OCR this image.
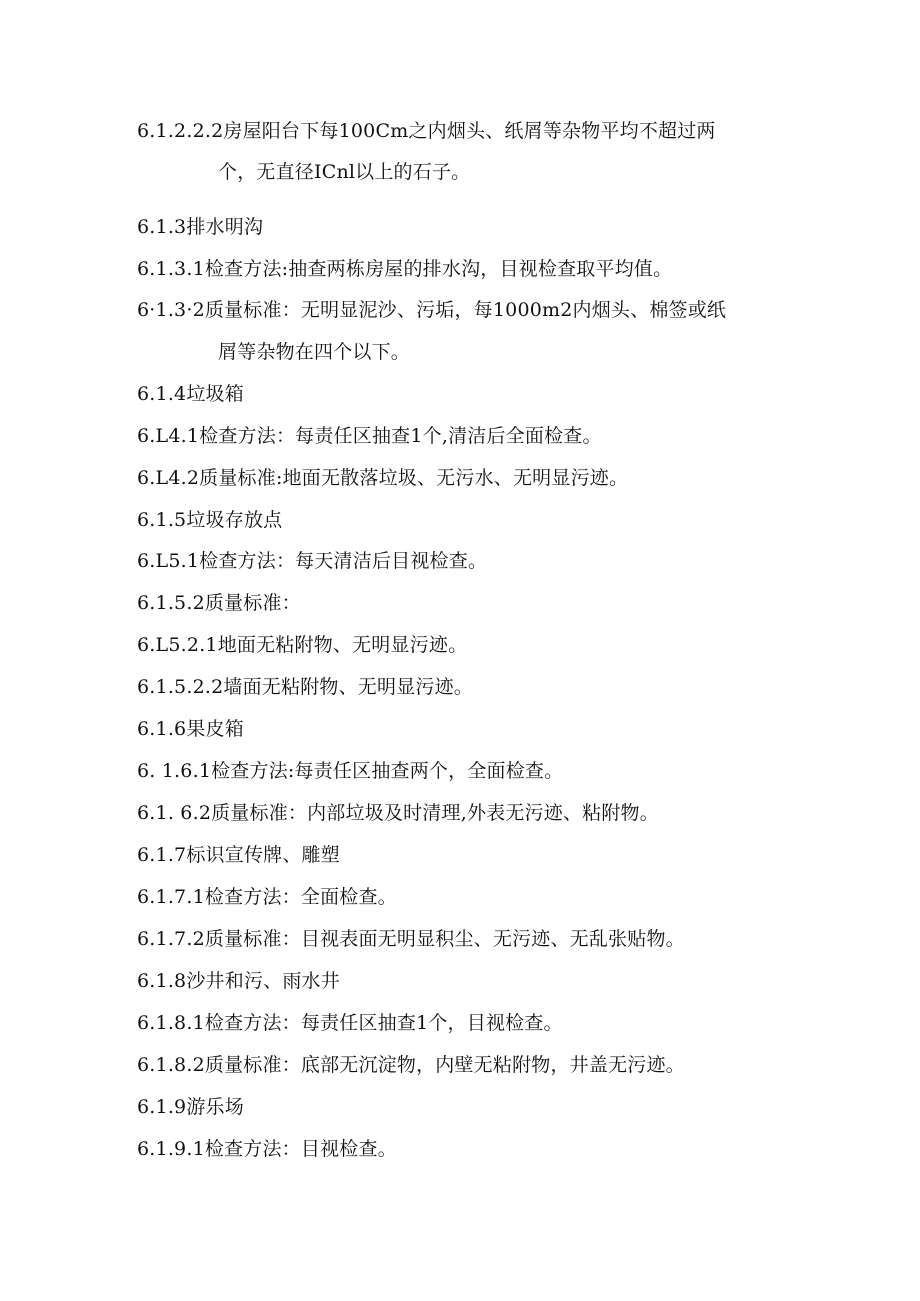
6.1.2.2.2房屋阳台下每100Cm之内烟头、纸屑等杂物平均不超过两
个，无直径ICnl以上的石子。
6.1.3排水明沟
6.1.3.1检查方法:抽查两栋房屋的排水沟，目视检查取平均值。
6·1.3·2质量标准：无明显泥沙、污垢，每1000m2内烟头、棉签或纸
屑等杂物在四个以下。
6.1.4垃圾箱
6.L4.1检查方法：每责任区抽查1个,清洁后全面检查。
6.L4.2质量标准:地面无散落垃圾、无污水、无明显污迹。
6.1.5垃圾存放点
6.L5.1检查方法：每天清洁后目视检查。
6.1.5.2质量标准：
6.L5.2.1地面无粘附物、无明显污迹。
6.1.5.2.2墙面无粘附物、无明显污迹。
6.1.6果皮箱
6. 1.6.1检查方法:每责任区抽查两个，全面检查。
6.1. 6.2质量标准：内部垃圾及时清理,外表无污迹、粘附物。
6.1.7标识宣传牌、雕塑
6.1.7.1检查方法：全面检查。
6.1.7.2质量标准：目视表面无明显积尘、无污迹、无乱张贴物。
6.1.8沙井和污、雨水井
6.1.8.1检查方法：每责任区抽查1个，目视检查。
6.1.8.2质量标准：底部无沉淀物，内壁无粘附物，井盖无污迹。
6.1.9游乐场
6.1.9.1检查方法：目视检查。
